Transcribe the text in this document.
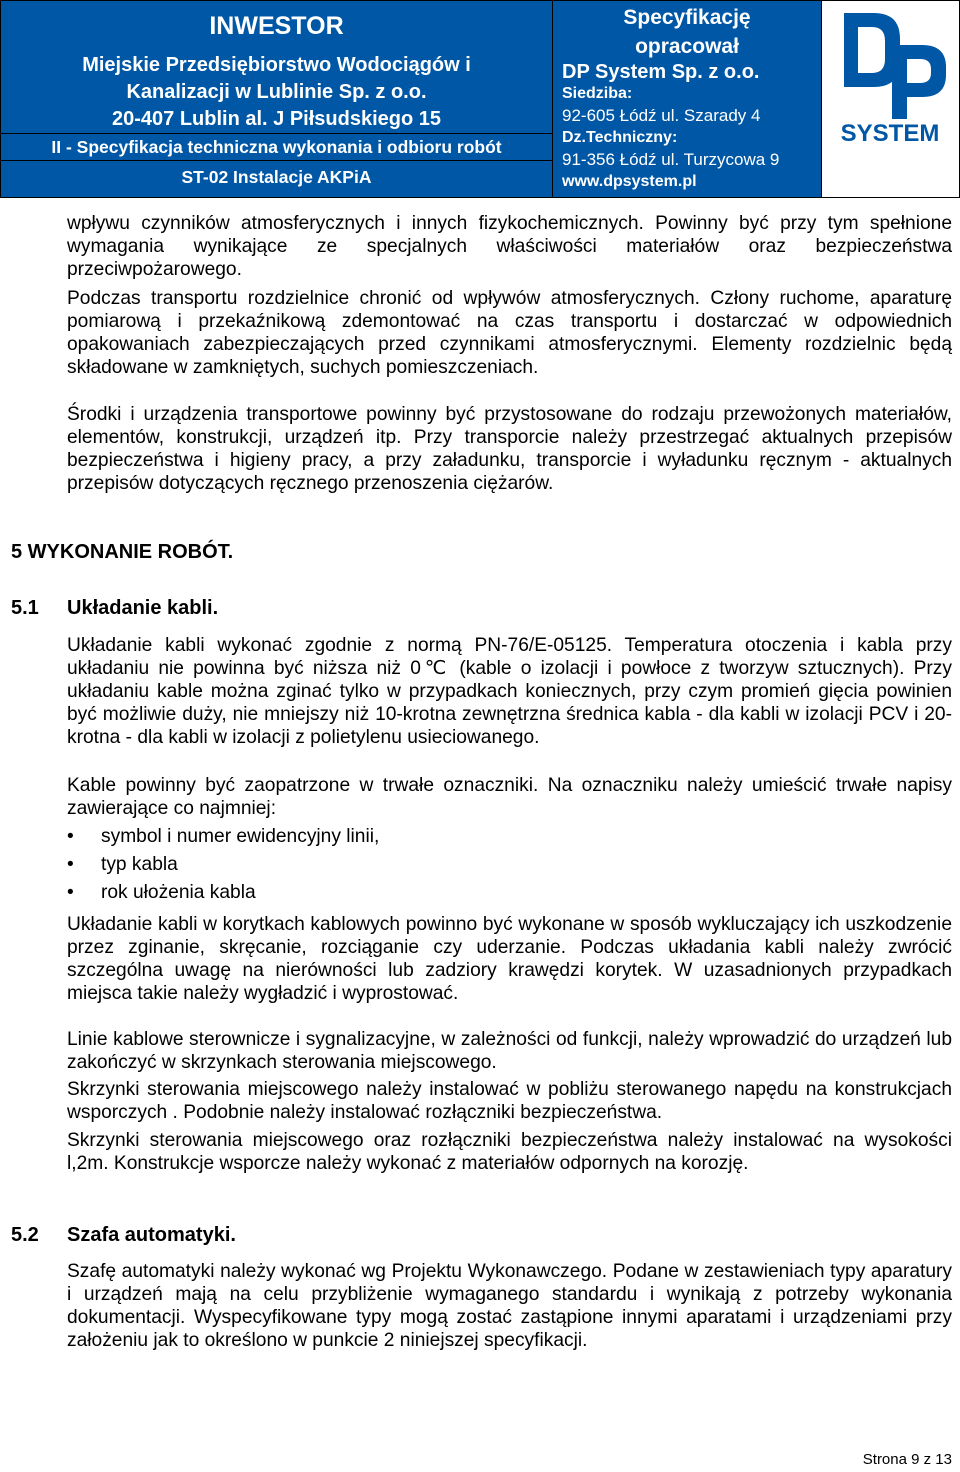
INWESTOR
Miejskie Przedsiębiorstwo Wodociągów i
Kanalizacji w Lublinie Sp. z o.o.
20-407 Lublin al. J Piłsudskiego 15
II - Specyfikacja techniczna wykonania i odbioru robót
ST-02 Instalacje AKPiA

Specyfikację
opracował
DP System Sp. z o.o.
Siedziba:
92-605 Łódź ul. Szarady 4
Dz.Techniczny:
91-356 Łódź ul. Turzycowa 9
www.dpsystem.pl

SYSTEM

wpływu czynników atmosferycznych i innych fizykochemicznych. Powinny być przy tym spełnione wymagania wynikające ze specjalnych właściwości materiałów oraz bezpieczeństwa przeciwpożarowego.

Podczas transportu rozdzielnice chronić od wpływów atmosferycznych. Człony ruchome, aparaturę pomiarową i przekaźnikową zdemontować na czas transportu i dostarczać w odpowiednich opakowaniach zabezpieczających przed czynnikami atmosferycznymi. Elementy rozdzielnic będą składowane w zamkniętych, suchych pomieszczeniach.

Środki i urządzenia transportowe powinny być przystosowane do rodzaju przewożonych materiałów, elementów, konstrukcji, urządzeń itp. Przy transporcie należy przestrzegać aktualnych przepisów bezpieczeństwa i higieny pracy, a przy załadunku, transporcie i wyładunku ręcznym - aktualnych przepisów dotyczących ręcznego przenoszenia ciężarów.

5 WYKONANIE ROBÓT.
5.1 Układanie kabli.

Układanie kabli wykonać zgodnie z normą PN-76/E-05125. Temperatura otoczenia i kabla przy układaniu nie powinna być niższa niż 0℃ (kable o izolacji i powłoce z tworzyw sztucznych). Przy układaniu kable można zginać tylko w przypadkach koniecznych, przy czym promień gięcia powinien być możliwie duży, nie mniejszy niż 10-krotna zewnętrzna średnica kabla - dla kabli w izolacji PCV i 20-krotna - dla kabli w izolacji z polietylenu usieciowanego.

Kable powinny być zaopatrzone w trwałe oznaczniki. Na oznaczniku należy umieścić trwałe napisy zawierające co najmniej:

• symbol i numer ewidencyjny linii,
• typ kabla
• rok ułożenia kabla

Układanie kabli w korytkach kablowych powinno być wykonane w sposób wykluczający ich uszkodzenie przez zginanie, skręcanie, rozciąganie czy uderzanie. Podczas układania kabli należy zwrócić szczególna uwagę na nierówności lub zadziory krawędzi korytek. W uzasadnionych przypadkach miejsca takie należy wygładzić i wyprostować.

Linie kablowe sterownicze i sygnalizacyjne, w zależności od funkcji, należy wprowadzić do urządzeń lub zakończyć w skrzynkach sterowania miejscowego.

Skrzynki sterowania miejscowego należy instalować w pobliżu sterowanego napędu na konstrukcjach wsporczych . Podobnie należy instalować rozłączniki bezpieczeństwa.

Skrzynki sterowania miejscowego oraz rozłączniki bezpieczeństwa należy instalować na wysokości l,2m. Konstrukcje wsporcze należy wykonać z materiałów odpornych na korozję.

5.2 Szafa automatyki.

Szafę automatyki należy wykonać wg Projektu Wykonawczego. Podane w zestawieniach typy aparatury i urządzeń mają na celu przybliżenie wymaganego standardu i wynikają z potrzeby wykonania dokumentacji. Wyspecyfikowane typy mogą zostać zastąpione innymi aparatami i urządzeniami przy założeniu jak to określono w punkcie 2 niniejszej specyfikacji.

Strona 9 z 13
